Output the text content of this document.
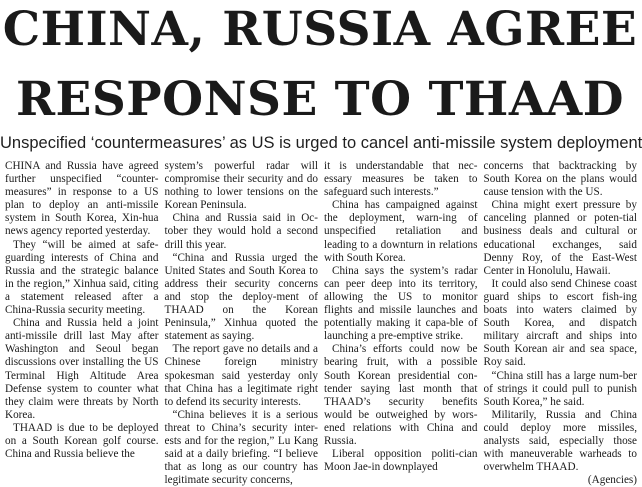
CHINA, RUSSIA AGREE
RESPONSE TO THAAD

Unspecified ‘countermeasures’ as US is urged to cancel anti-missile system deployment

CHINA and Russia have agreed further unspecified “counter-measures” in response to a US plan to deploy an anti-missile system in South Korea, Xin-hua news agency reported yesterday.

They “will be aimed at safe-guarding interests of China and Russia and the strategic balance in the region,” Xinhua said, citing a statement released after a China-Russia security meeting.

China and Russia held a joint anti-missile drill last May after Washington and Seoul began discussions over installing the US Terminal High Altitude Area Defense system to counter what they claim were threats by North Korea.

THAAD is due to be deployed on a South Korean golf course. China and Russia believe the

system’s powerful radar will compromise their security and do nothing to lower tensions on the Korean Peninsula.

China and Russia said in Oc-tober they would hold a second drill this year.

“China and Russia urged the United States and South Korea to address their security concerns and stop the deploy-ment of THAAD on the Korean Peninsula,” Xinhua quoted the statement as saying.

The report gave no details and a Chinese foreign ministry spokesman said yesterday only that China has a legitimate right to defend its security interests.

“China believes it is a serious threat to China’s security inter-ests and for the region,” Lu Kang said at a daily briefing. “I believe that as long as our country has legitimate security concerns,

it is understandable that nec-essary measures be taken to safeguard such interests.”

China has campaigned against the deployment, warn-ing of unspecified retaliation and leading to a downturn in relations with South Korea.

China says the system’s radar can peer deep into its territory, allowing the US to monitor flights and missile launches and potentially making it capa-ble of launching a pre-emptive strike.

China’s efforts could now be bearing fruit, with a possible South Korean presidential con-tender saying last month that THAAD’s security benefits would be outweighed by wors-ened relations with China and Russia.

Liberal opposition politi-cian Moon Jae-in downplayed

concerns that backtracking by South Korea on the plans would cause tension with the US.

China might exert pressure by canceling planned or poten-tial business deals and cultural or educational exchanges, said Denny Roy, of the East-West Center in Honolulu, Hawaii.

It could also send Chinese coast guard ships to escort fish-ing boats into waters claimed by South Korea, and dispatch military aircraft and ships into South Korean air and sea space, Roy said.

“China still has a large num-ber of strings it could pull to punish South Korea,” he said.

Militarily, Russia and China could deploy more missiles, analysts said, especially those with maneuverable warheads to overwhelm THAAD.

(Agencies)
